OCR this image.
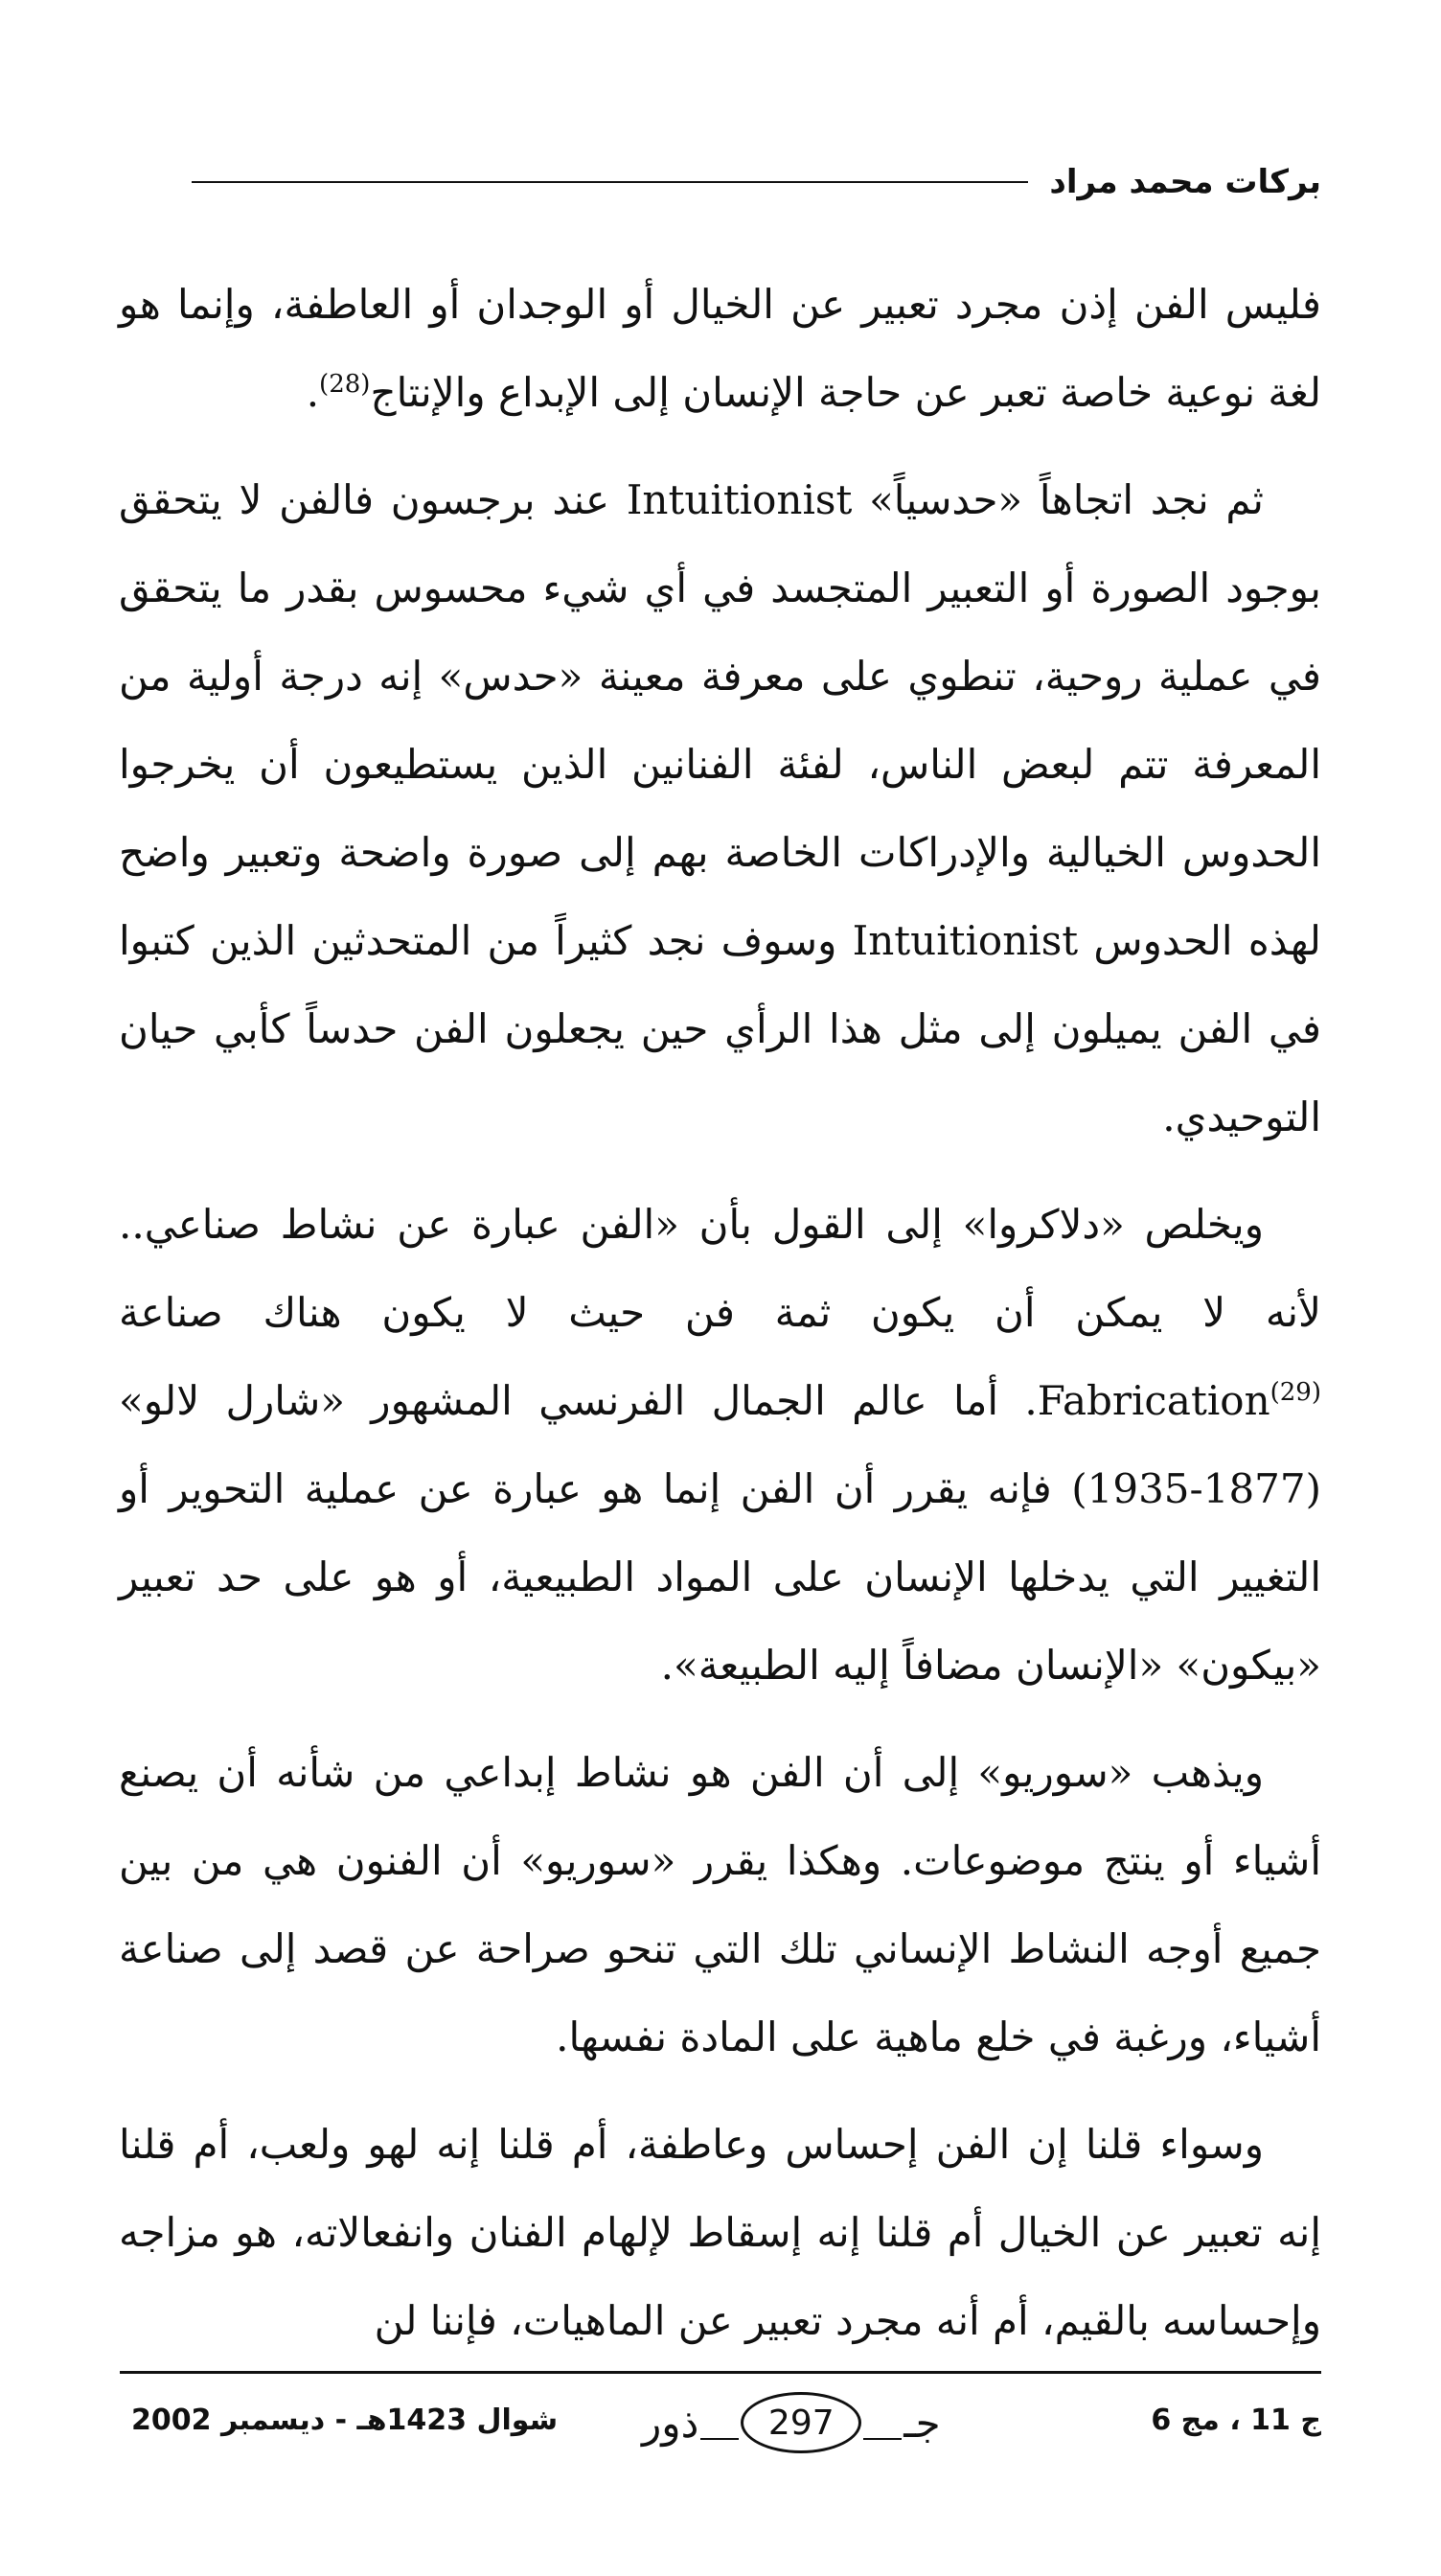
بركات محمد مراد

فليس الفن إذن مجرد تعبير عن الخيال أو الوجدان أو العاطفة، وإنما هو لغة نوعية خاصة تعبر عن حاجة الإنسان إلى الإبداع والإنتاج$^{(28)}$.

ثم نجد اتجاهاً «حدسياً» Intuitionist عند برجسون فالفن لا يتحقق بوجود الصورة أو التعبير المتجسد في أي شيء محسوس بقدر ما يتحقق في عملية روحية، تنطوي على معرفة معينة «حدس» إنه درجة أولية من المعرفة تتم لبعض الناس، لفئة الفنانين الذين يستطيعون أن يخرجوا الحدوس الخيالية والإدراكات الخاصة بهم إلى صورة واضحة وتعبير واضح لهذه الحدوس Intuitionist وسوف نجد كثيراً من المتحدثين الذين كتبوا في الفن يميلون إلى مثل هذا الرأي حين يجعلون الفن حدساً كأبي حيان التوحيدي.

ويخلص «دلاكروا» إلى القول بأن «الفن عبارة عن نشاط صناعي.. لأنه لا يمكن أن يكون ثمة فن حيث لا يكون هناك صناعة Fabrication$^{(29)}$. أما عالم الجمال الفرنسي المشهور «شارل لالو» (1877-1935) فإنه يقرر أن الفن إنما هو عبارة عن عملية التحوير أو التغيير التي يدخلها الإنسان على المواد الطبيعية، أو هو على حد تعبير «بيكون» «الإنسان مضافاً إليه الطبيعة».

ويذهب «سوريو» إلى أن الفن هو نشاط إبداعي من شأنه أن يصنع أشياء أو ينتج موضوعات. وهكذا يقرر «سوريو» أن الفنون هي من بين جميع أوجه النشاط الإنساني تلك التي تنحو صراحة عن قصد إلى صناعة أشياء، ورغبة في خلع ماهية على المادة نفسها.

وسواء قلنا إن الفن إحساس وعاطفة، أم قلنا إنه لهو ولعب، أم قلنا إنه تعبير عن الخيال أم قلنا إنه إسقاط لإلهام الفنان وانفعالاته، هو مزاجه وإحساسه بالقيم، أم أنه مجرد تعبير عن الماهيات، فإننا لن

شوال 1423هـ - ديسمبر 2002	جـ
297
ذور	ج 11 ، مج 6
